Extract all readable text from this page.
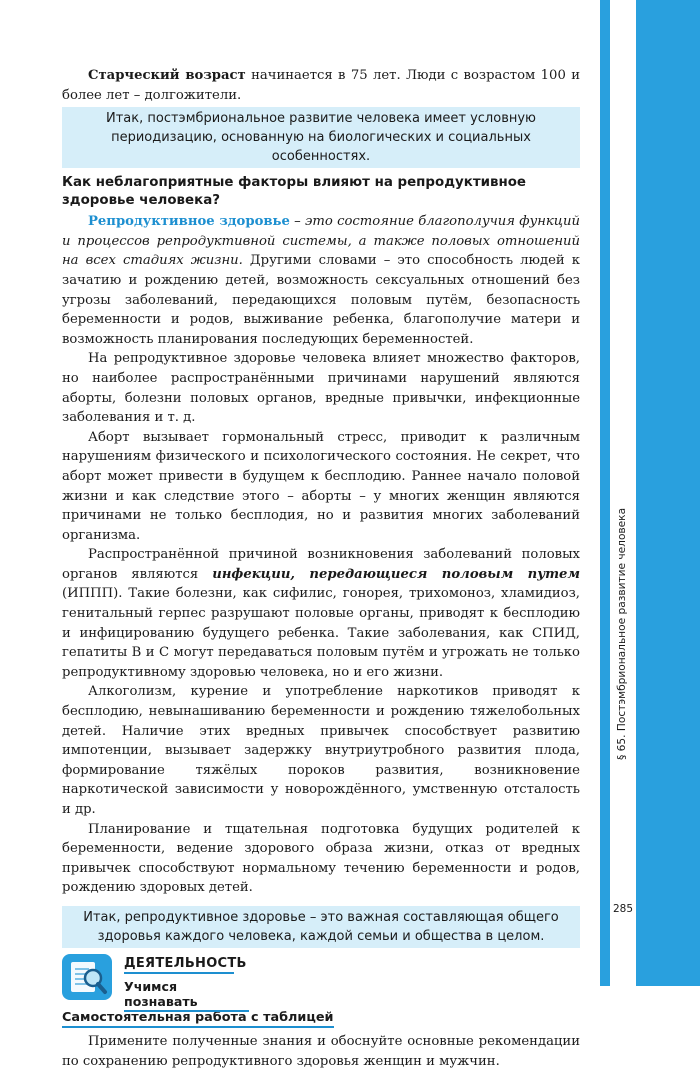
§ 65. Постэмбриональное развитие человека
285

Старческий возраст начинается в 75 лет. Люди с возрастом 100 и более лет – долгожители.

Итак, постэмбриональное развитие человека имеет условную периодизацию, основанную на биологических и социальных особенностях.
Как неблагоприятные факторы влияют на репродуктивное здоровье человека?

Репродуктивное здоровье – это состояние благополучия функций и процессов репродуктивной системы, а также половых отношений на всех стадиях жизни. Другими словами – это способность людей к зачатию и рождению детей, возможность сексуальных отношений без угрозы заболеваний, передающихся половым путём, безопасность беременности и родов, выживание ребенка, благополучие матери и возможность планирования последующих беременностей.

На репродуктивное здоровье человека влияет множество факторов, но наиболее распространёнными причинами нарушений являются аборты, болезни половых органов, вредные привычки, инфекционные заболевания и т. д.

Аборт вызывает гормональный стресс, приводит к различным нарушениям физического и психологического состояния. Не секрет, что аборт может привести в будущем к бесплодию. Раннее начало половой жизни и как следствие этого – аборты – у многих женщин являются причинами не только бесплодия, но и развития многих заболеваний организма.

Распространённой причиной возникновения заболеваний половых органов являются инфекции, передающиеся половым путем (ИППП). Такие болезни, как сифилис, гонорея, трихомоноз, хламидиоз, генитальный герпес разрушают половые органы, приводят к бесплодию и инфицированию будущего ребенка. Такие заболевания, как СПИД, гепатиты В и С могут передаваться половым путём и угрожать не только репродуктивному здоровью человека, но и его жизни.

Алкоголизм, курение и употребление наркотиков приводят к бесплодию, невынашиванию беременности и рождению тяжелобольных детей. Наличие этих вредных привычек способствует развитию импотенции, вызывает задержку внутриутробного развития плода, формирование тяжёлых пороков развития, возникновение наркотической зависимости у новорождённого, умственную отсталость и др.

Планирование и тщательная подготовка будущих родителей к беременности, ведение здорового образа жизни, отказ от вредных привычек способствуют нормальному течению беременности и родов, рождению здоровых детей.

Итак, репродуктивное здоровье – это важная составляющая общего здоровья каждого человека, каждой семьи и общества в целом.
ДЕЯТЕЛЬНОСТЬ
Учимся познавать
Самостоятельная работа с таблицей

Примените полученные знания и обоснуйте основные рекомендации по сохранению репродуктивного здоровья женщин и мужчин.
